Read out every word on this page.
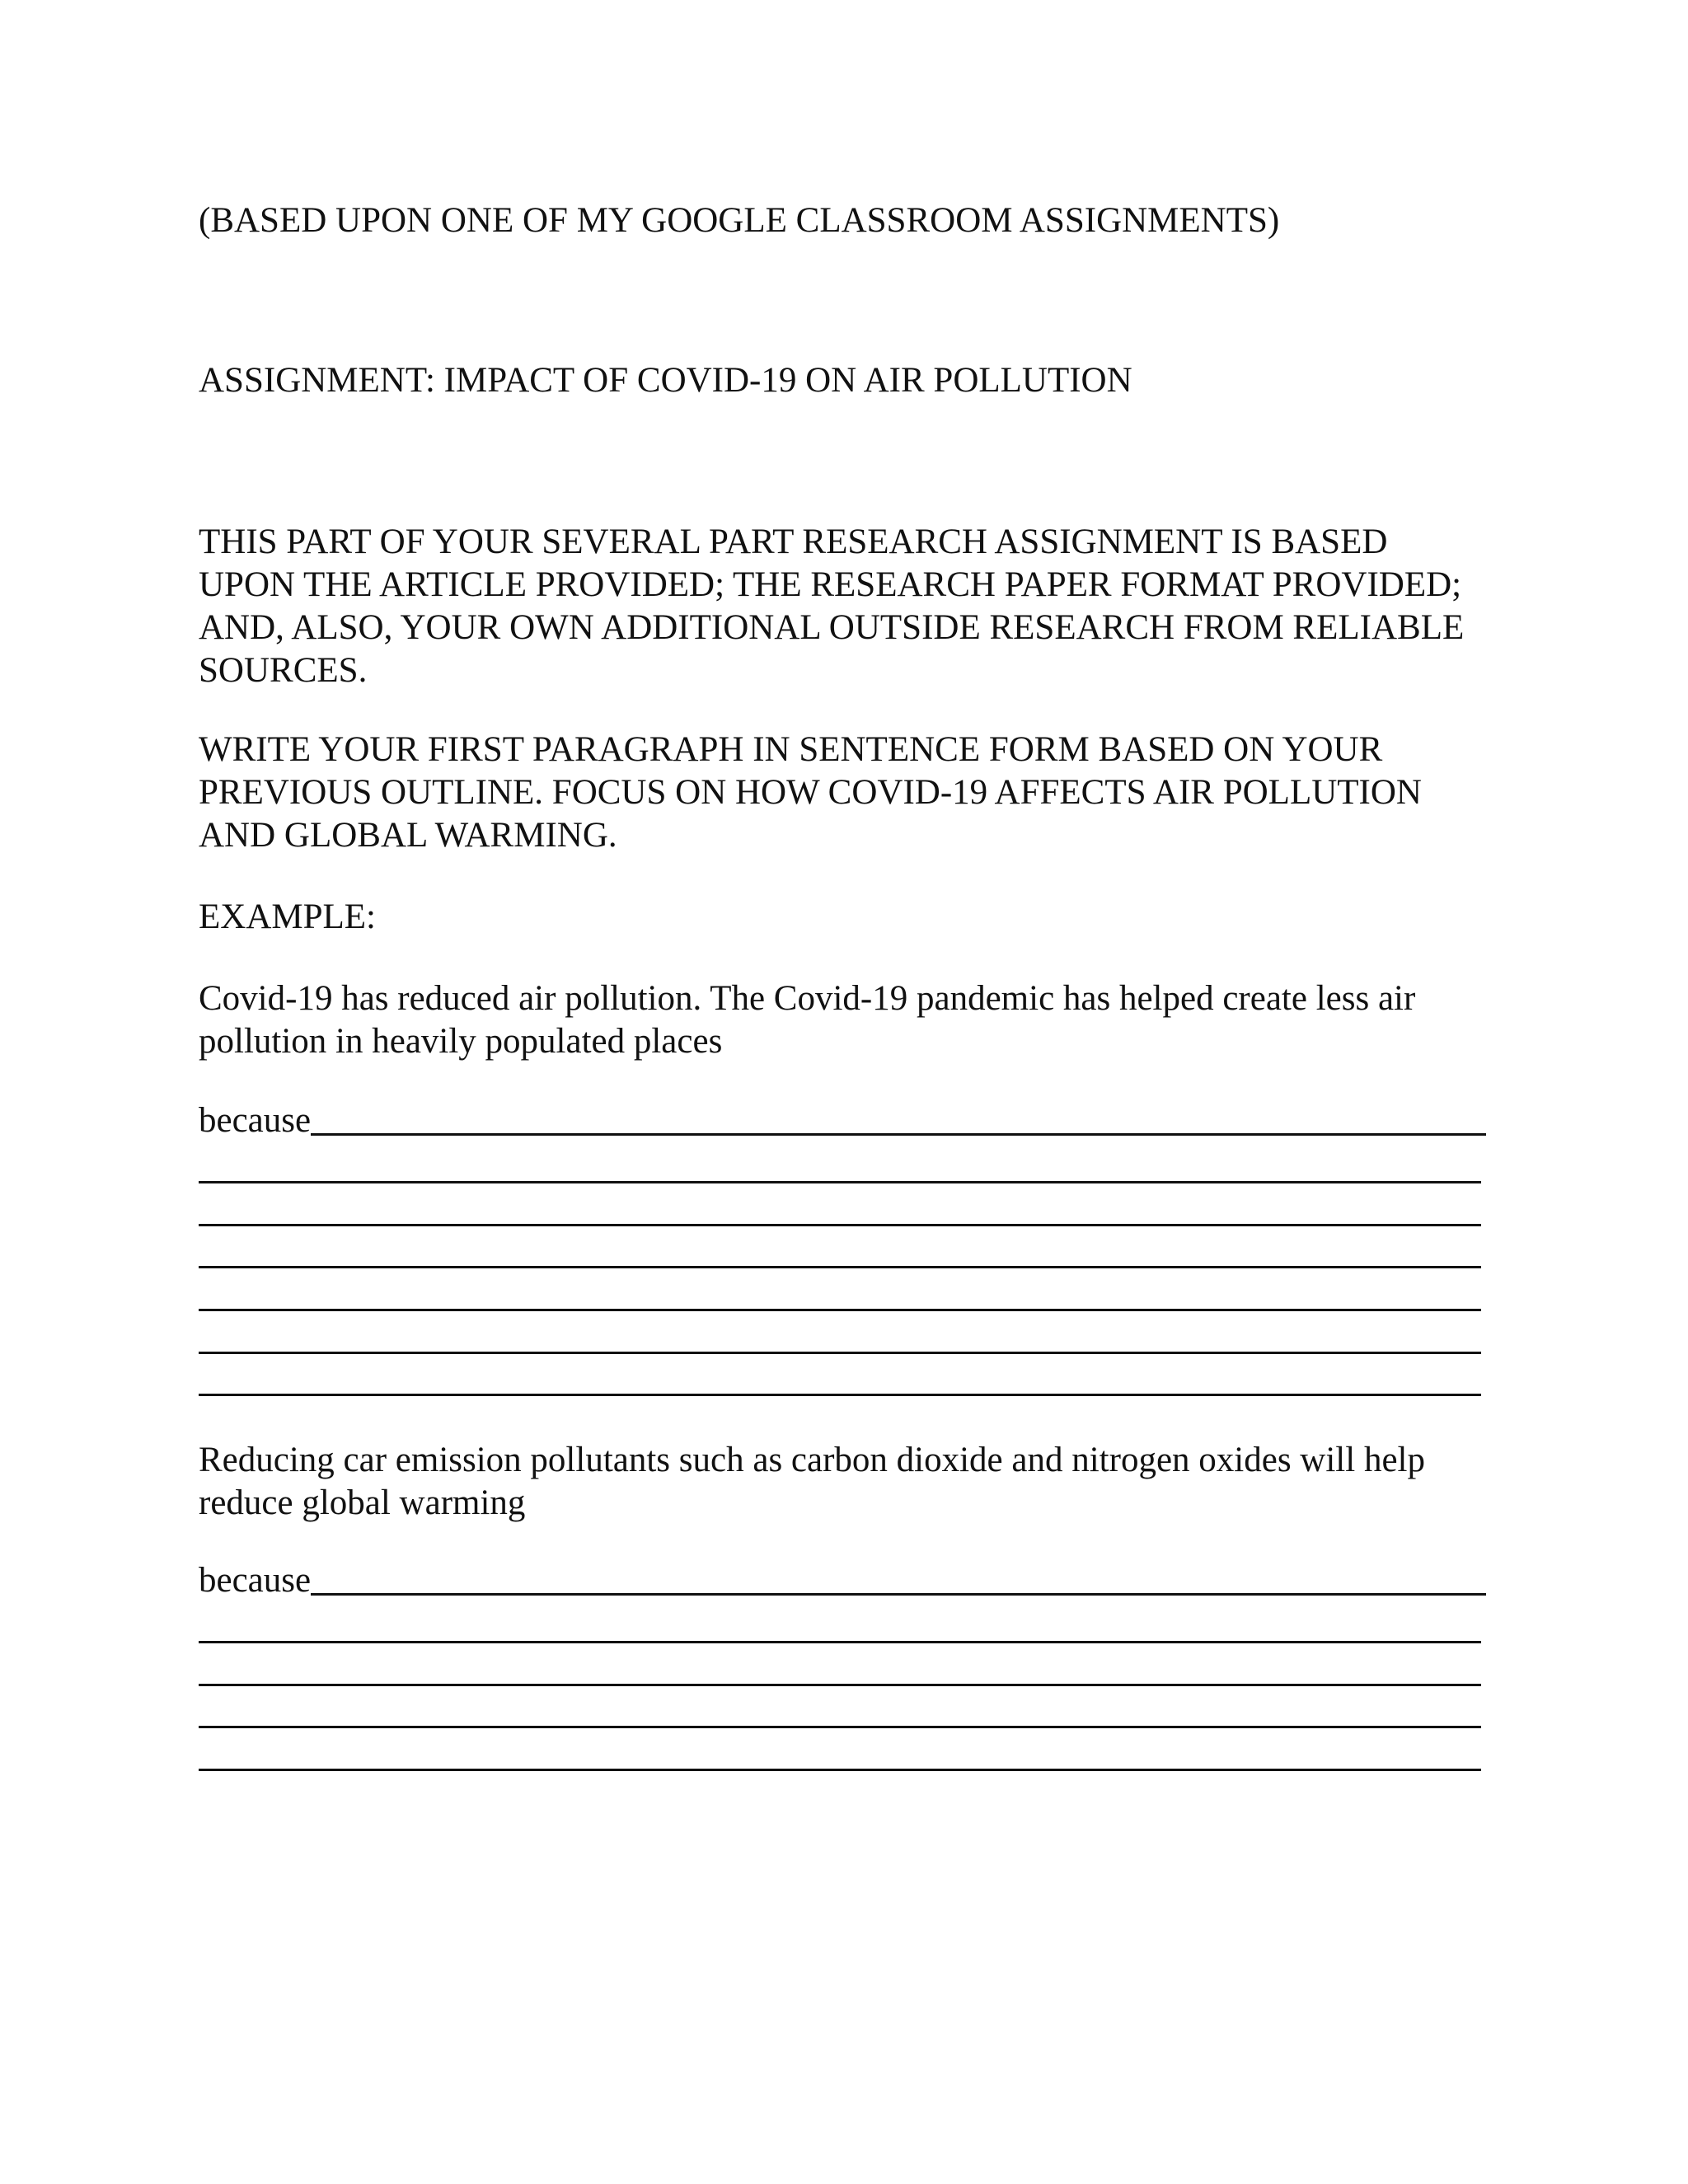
(BASED UPON ONE OF MY GOOGLE CLASSROOM ASSIGNMENTS)

ASSIGNMENT: IMPACT OF COVID-19 ON AIR POLLUTION

THIS PART OF YOUR SEVERAL PART RESEARCH ASSIGNMENT IS BASED UPON THE ARTICLE PROVIDED; THE RESEARCH PAPER FORMAT PROVIDED; AND, ALSO, YOUR OWN ADDITIONAL OUTSIDE RESEARCH FROM RELIABLE SOURCES.

WRITE YOUR FIRST PARAGRAPH IN SENTENCE FORM BASED ON YOUR PREVIOUS OUTLINE. FOCUS ON HOW COVID-19 AFFECTS AIR POLLUTION AND GLOBAL WARMING.

EXAMPLE:

Covid-19 has reduced air pollution. The Covid-19 pandemic has helped create less air pollution in heavily populated places

because

Reducing car emission pollutants such as carbon dioxide and nitrogen oxides will help reduce global warming

because
